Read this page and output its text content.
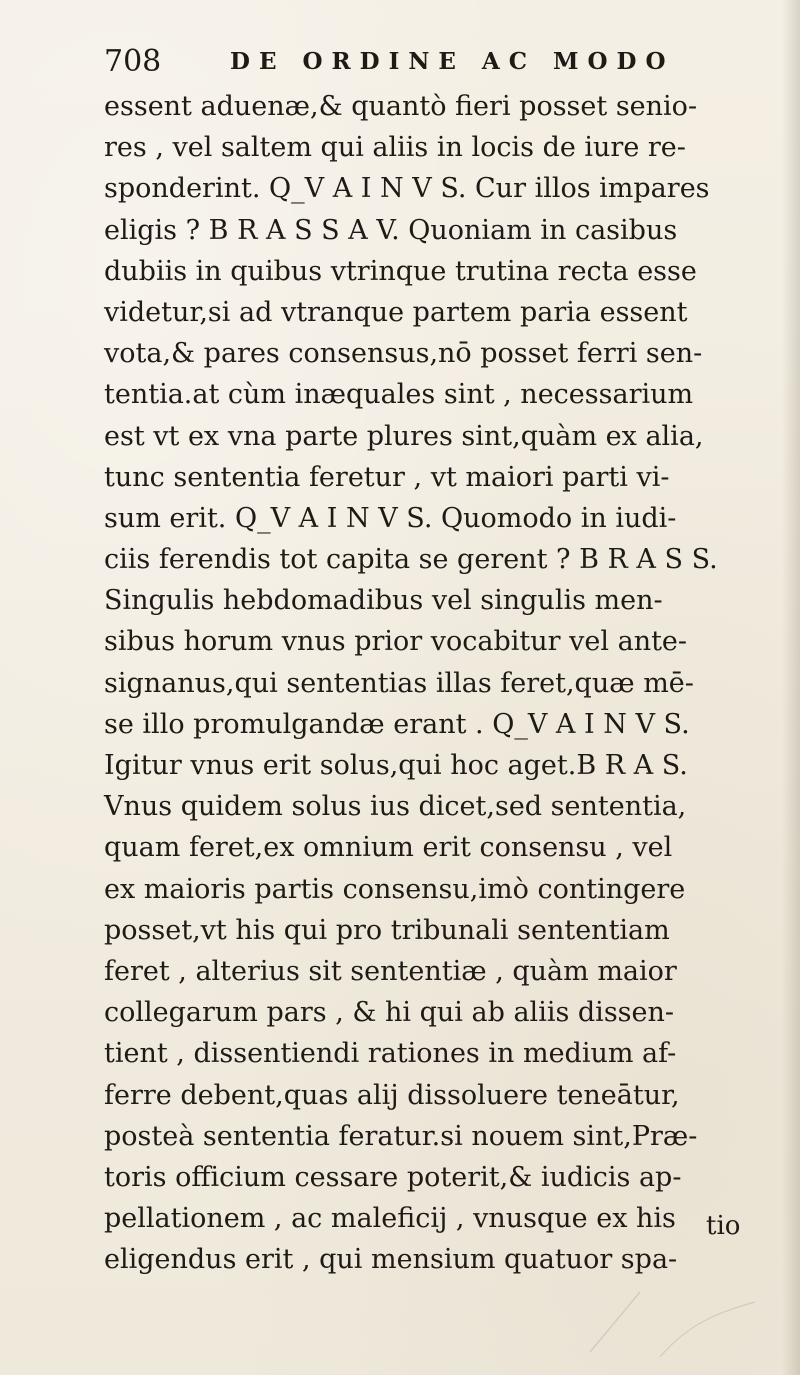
708	DE ORDINE AC MODO
essent aduenæ,& quantò fieri posset senio-
res , vel saltem qui aliis in locis de iure re-
sponderint. Q_V A I N V S. Cur illos impares
eligis ? B R A S S A V. Quoniam in casibus
dubiis in quibus vtrinque trutina recta esse
videtur,si ad vtranque partem paria essent
vota,& pares consensus,nō posset ferri sen-
tentia.at cùm inæquales sint , necessarium
est vt ex vna parte plures sint,quàm ex alia,
tunc sententia feretur , vt maiori parti vi-
sum erit. Q_V A I N V S. Quomodo in iudi-
ciis ferendis tot capita se gerent ? B R A S S.
Singulis hebdomadibus vel singulis men-
sibus horum vnus prior vocabitur vel ante-
signanus,qui sententias illas feret,quæ mē-
se illo promulgandæ erant . Q_V A I N V S.
Igitur vnus erit solus,qui hoc aget.B R A S.
Vnus quidem solus ius dicet,sed sententia,
quam feret,ex omnium erit consensu , vel
ex maioris partis consensu,imò contingere
posset,vt his qui pro tribunali sententiam
feret , alterius sit sententiæ , quàm maior
collegarum pars , & hi qui ab aliis dissen-
tient , dissentiendi rationes in medium af-
ferre debent,quas alij dissoluere teneātur,
posteà sententia feratur.si nouem sint,Præ-
toris officium cessare poterit,& iudicis ap-
pellationem , ac maleficij , vnusque ex his
eligendus erit , qui mensium quatuor spa-
tio
